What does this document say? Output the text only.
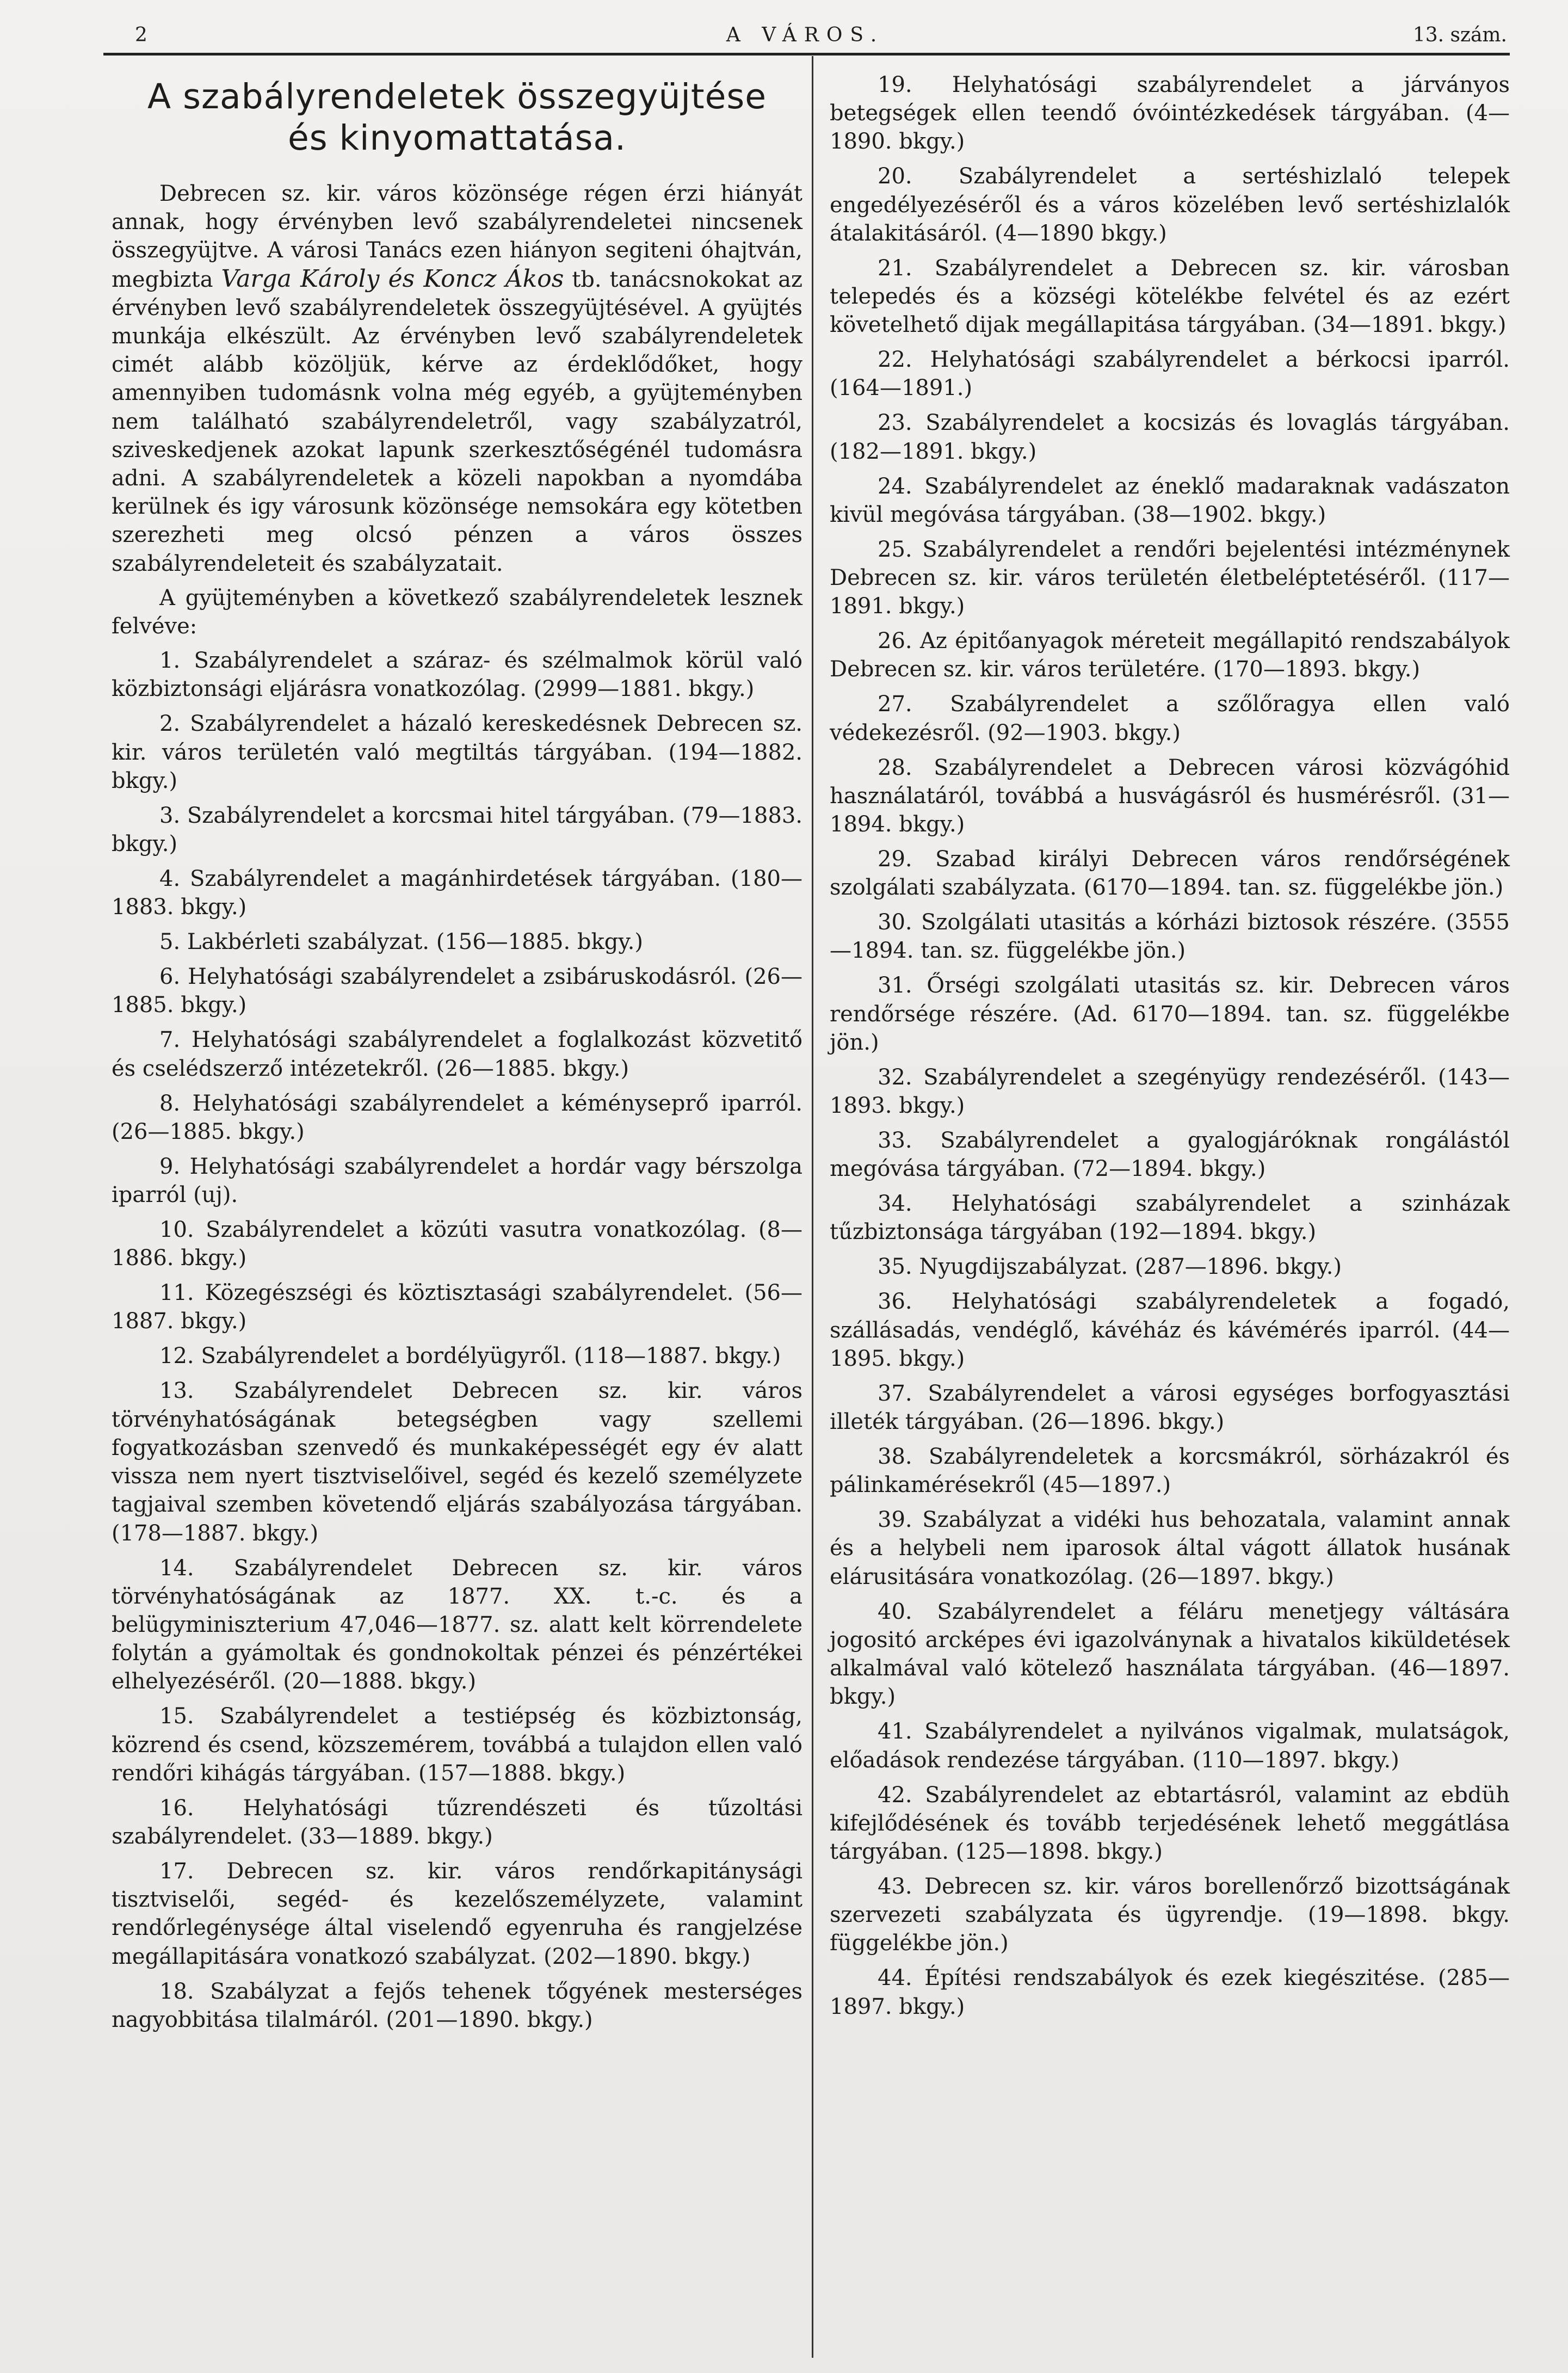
2	A VÁROS.	13. szám.
A szabályrendeletek összegyüjtése
és kinyomattatása.

Debrecen sz. kir. város közönsége régen érzi hiányát annak, hogy érvényben levő szabályrendeletei nincsenek összegyüjtve. A városi Tanács ezen hiányon segiteni óhajtván, megbizta Varga Károly és Koncz Ákos tb. tanácsnokokat az érvényben levő szabályrendeletek összegyüjtésével. A gyüjtés munkája elkészült. Az érvényben levő szabályrendeletek cimét alább közöljük, kérve az érdeklődőket, hogy amennyiben tudomásnk volna még egyéb, a gyüjteményben nem található szabályrendeletről, vagy szabályzatról, sziveskedjenek azokat lapunk szerkesztőségénél tudomásra adni. A szabályrendeletek a közeli napokban a nyomdába kerülnek és igy városunk közönsége nemsokára egy kötetben szerezheti meg olcsó pénzen a város összes szabályrendeleteit és szabályzatait.

A gyüjteményben a következő szabályrendeletek lesznek felvéve:

1. Szabályrendelet a száraz- és szélmalmok körül való közbiztonsági eljárásra vonatkozólag. (2999—1881. bkgy.)

2. Szabályrendelet a házaló kereskedésnek Debrecen sz. kir. város területén való megtiltás tárgyában. (194—1882. bkgy.)

3. Szabályrendelet a korcsmai hitel tárgyában. (79—1883. bkgy.)

4. Szabályrendelet a magánhirdetések tárgyában. (180—1883. bkgy.)

5. Lakbérleti szabályzat. (156—1885. bkgy.)

6. Helyhatósági szabályrendelet a zsibáruskodásról. (26—1885. bkgy.)

7. Helyhatósági szabályrendelet a foglalkozást közvetitő és cselédszerző intézetekről. (26—1885. bkgy.)

8. Helyhatósági szabályrendelet a kéményseprő iparról. (26—1885. bkgy.)

9. Helyhatósági szabályrendelet a hordár vagy bérszolga iparról (uj).

10. Szabályrendelet a közúti vasutra vonatkozólag. (8—1886. bkgy.)

11. Közegészségi és köztisztasági szabályrendelet. (56—1887. bkgy.)

12. Szabályrendelet a bordélyügyről. (118—1887. bkgy.)

13. Szabályrendelet Debrecen sz. kir. város törvényhatóságának betegségben vagy szellemi fogyatkozásban szenvedő és munkaképességét egy év alatt vissza nem nyert tisztviselőivel, segéd és kezelő személyzete tagjaival szemben követendő eljárás szabályozása tárgyában. (178—1887. bkgy.)

14. Szabályrendelet Debrecen sz. kir. város törvényhatóságának az 1877. XX. t.-c. és a belügyminiszterium 47,046—1877. sz. alatt kelt körrendelete folytán a gyámoltak és gondnokoltak pénzei és pénzértékei elhelyezéséről. (20—1888. bkgy.)

15. Szabályrendelet a testiépség és közbiztonság, közrend és csend, közszemérem, továbbá a tulajdon ellen való rendőri kihágás tárgyában. (157—1888. bkgy.)

16. Helyhatósági tűzrendészeti és tűzoltási szabályrendelet. (33—1889. bkgy.)

17. Debrecen sz. kir. város rendőrkapitánysági tisztviselői, segéd- és kezelőszemélyzete, valamint rendőrlegénysége által viselendő egyenruha és rangjelzése megállapitására vonatkozó szabályzat. (202—1890. bkgy.)

18. Szabályzat a fejős tehenek tőgyének mesterséges nagyobbitása tilalmáról. (201—1890. bkgy.)

19. Helyhatósági szabályrendelet a járványos betegségek ellen teendő óvóintézkedések tárgyában. (4—1890. bkgy.)

20. Szabályrendelet a sertéshizlaló telepek engedélyezéséről és a város közelében levő sertéshizlalók átalakitásáról. (4—1890 bkgy.)

21. Szabályrendelet a Debrecen sz. kir. városban telepedés és a községi kötelékbe felvétel és az ezért követelhető dijak megállapitása tárgyában. (34—1891. bkgy.)

22. Helyhatósági szabályrendelet a bérkocsi iparról. (164—1891.)

23. Szabályrendelet a kocsizás és lovaglás tárgyában. (182—1891. bkgy.)

24. Szabályrendelet az éneklő madaraknak vadászaton kivül megóvása tárgyában. (38—1902. bkgy.)

25. Szabályrendelet a rendőri bejelentési intézménynek Debrecen sz. kir. város területén életbeléptetéséről. (117—1891. bkgy.)

26. Az épitőanyagok méreteit megállapitó rendszabályok Debrecen sz. kir. város területére. (170—1893. bkgy.)

27. Szabályrendelet a szőlőragya ellen való védekezésről. (92—1903. bkgy.)

28. Szabályrendelet a Debrecen városi közvágóhid használatáról, továbbá a husvágásról és husmérésről. (31—1894. bkgy.)

29. Szabad királyi Debrecen város rendőrségének szolgálati szabályzata. (6170—1894. tan. sz. függelékbe jön.)

30. Szolgálati utasitás a kórházi biztosok részére. (3555—1894. tan. sz. függelékbe jön.)

31. Őrségi szolgálati utasitás sz. kir. Debrecen város rendőrsége részére. (Ad. 6170—1894. tan. sz. függelékbe jön.)

32. Szabályrendelet a szegényügy rendezéséről. (143—1893. bkgy.)

33. Szabályrendelet a gyalogjáróknak rongálástól megóvása tárgyában. (72—1894. bkgy.)

34. Helyhatósági szabályrendelet a szinházak tűzbiztonsága tárgyában (192—1894. bkgy.)

35. Nyugdijszabályzat. (287—1896. bkgy.)

36. Helyhatósági szabályrendeletek a fogadó, szállásadás, vendéglő, kávéház és kávémérés iparról. (44—1895. bkgy.)

37. Szabályrendelet a városi egységes borfogyasztási illeték tárgyában. (26—1896. bkgy.)

38. Szabályrendeletek a korcsmákról, sörházakról és pálinkamérésekről (45—1897.)

39. Szabályzat a vidéki hus behozatala, valamint annak és a helybeli nem iparosok által vágott állatok husának elárusitására vonatkozólag. (26—1897. bkgy.)

40. Szabályrendelet a féláru menetjegy váltására jogositó arcképes évi igazolványnak a hivatalos kiküldetések alkalmával való kötelező használata tárgyában. (46—1897. bkgy.)

41. Szabályrendelet a nyilvános vigalmak, mulatságok, előadások rendezése tárgyában. (110—1897. bkgy.)

42. Szabályrendelet az ebtartásról, valamint az ebdüh kifejlődésének és tovább terjedésének lehető meggátlása tárgyában. (125—1898. bkgy.)

43. Debrecen sz. kir. város borellenőrző bizottságának szervezeti szabályzata és ügyrendje. (19—1898. bkgy. függelékbe jön.)

44. Építési rendszabályok és ezek kiegészitése. (285—1897. bkgy.)
